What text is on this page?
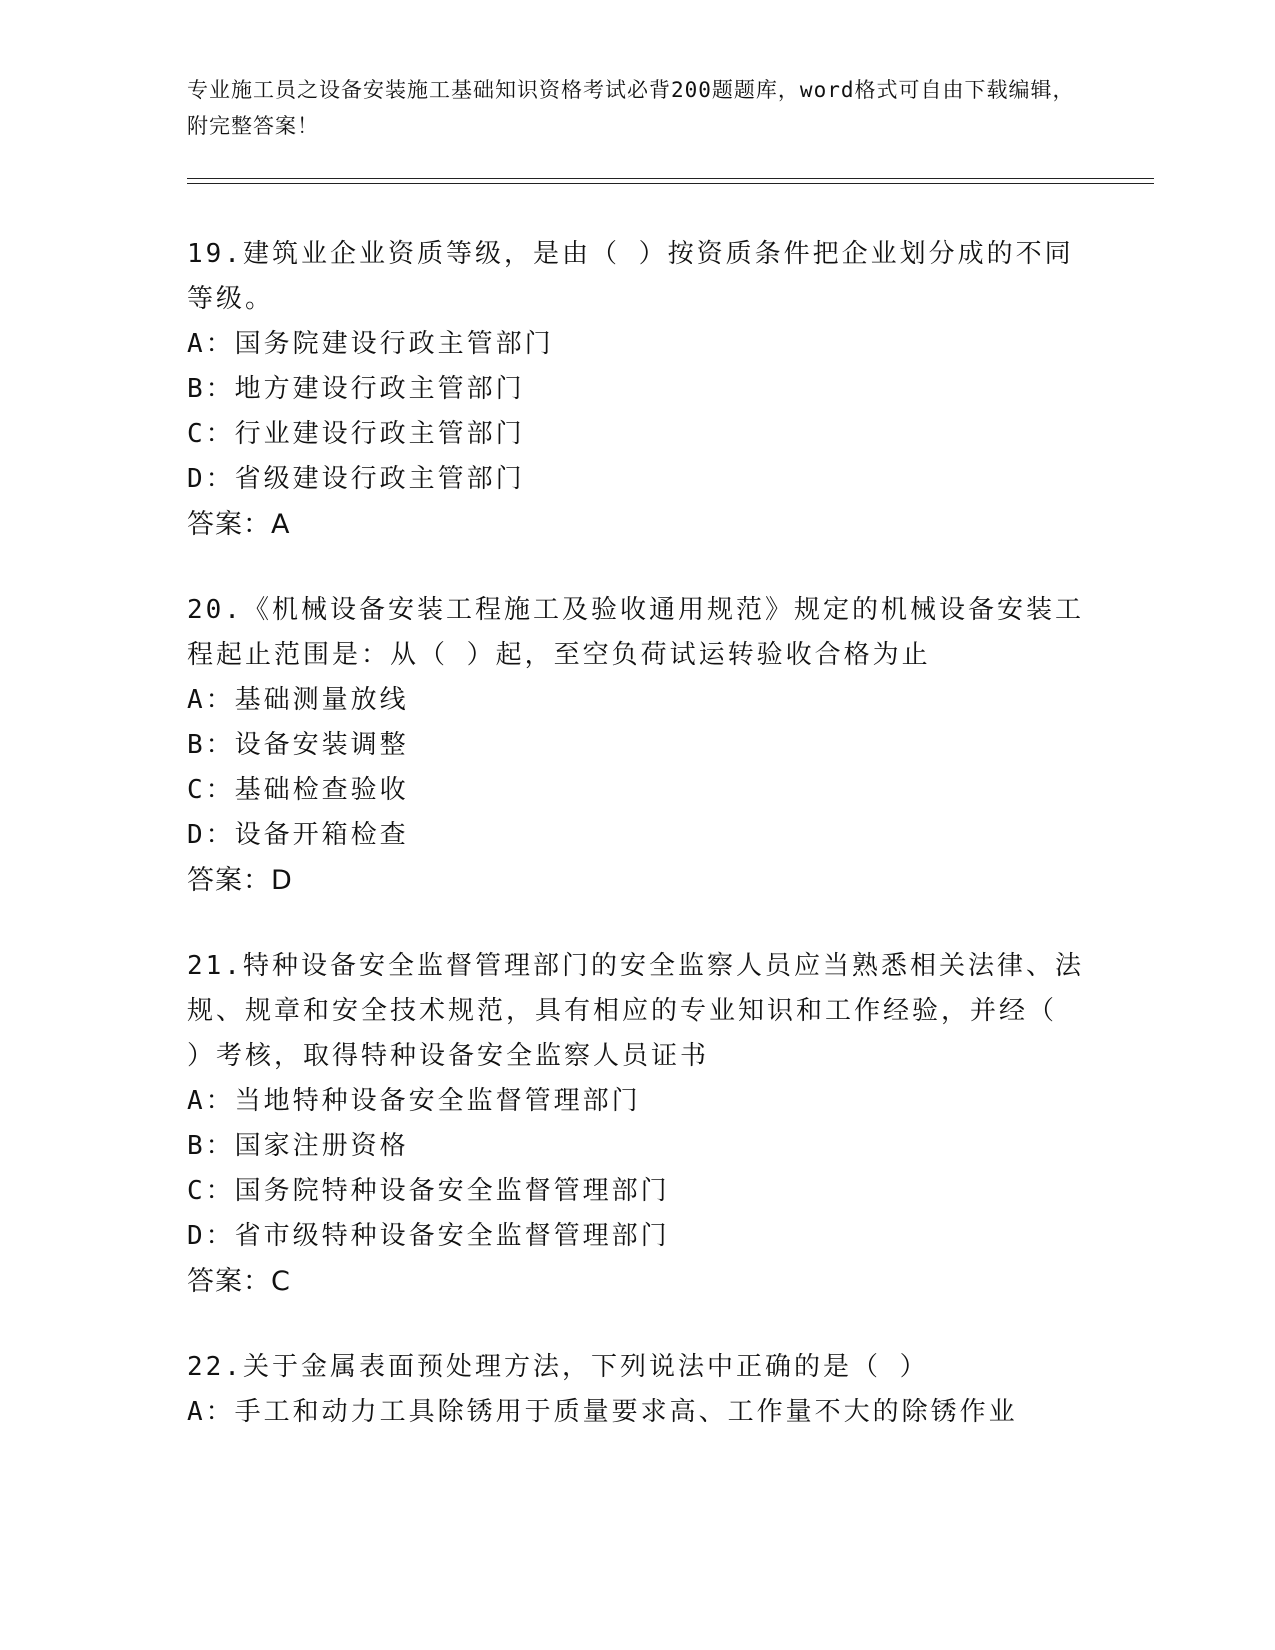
专业施工员之设备安装施工基础知识资格考试必背200题题库，word格式可自由下载编辑，附完整答案！
19.建筑业企业资质等级，是由（ ）按资质条件把企业划分成的不同等级。
A：国务院建设行政主管部门
B：地方建设行政主管部门
C：行业建设行政主管部门
D：省级建设行政主管部门
答案：A
20.《机械设备安装工程施工及验收通用规范》规定的机械设备安装工程起止范围是：从（ ）起，至空负荷试运转验收合格为止
A：基础测量放线
B：设备安装调整
C：基础检查验收
D：设备开箱检查
答案：D
21.特种设备安全监督管理部门的安全监察人员应当熟悉相关法律、法规、规章和安全技术规范，具有相应的专业知识和工作经验，并经（ ）考核，取得特种设备安全监察人员证书
A：当地特种设备安全监督管理部门
B：国家注册资格
C：国务院特种设备安全监督管理部门
D：省市级特种设备安全监督管理部门
答案：C
22.关于金属表面预处理方法，下列说法中正确的是（ ）
A：手工和动力工具除锈用于质量要求高、工作量不大的除锈作业
